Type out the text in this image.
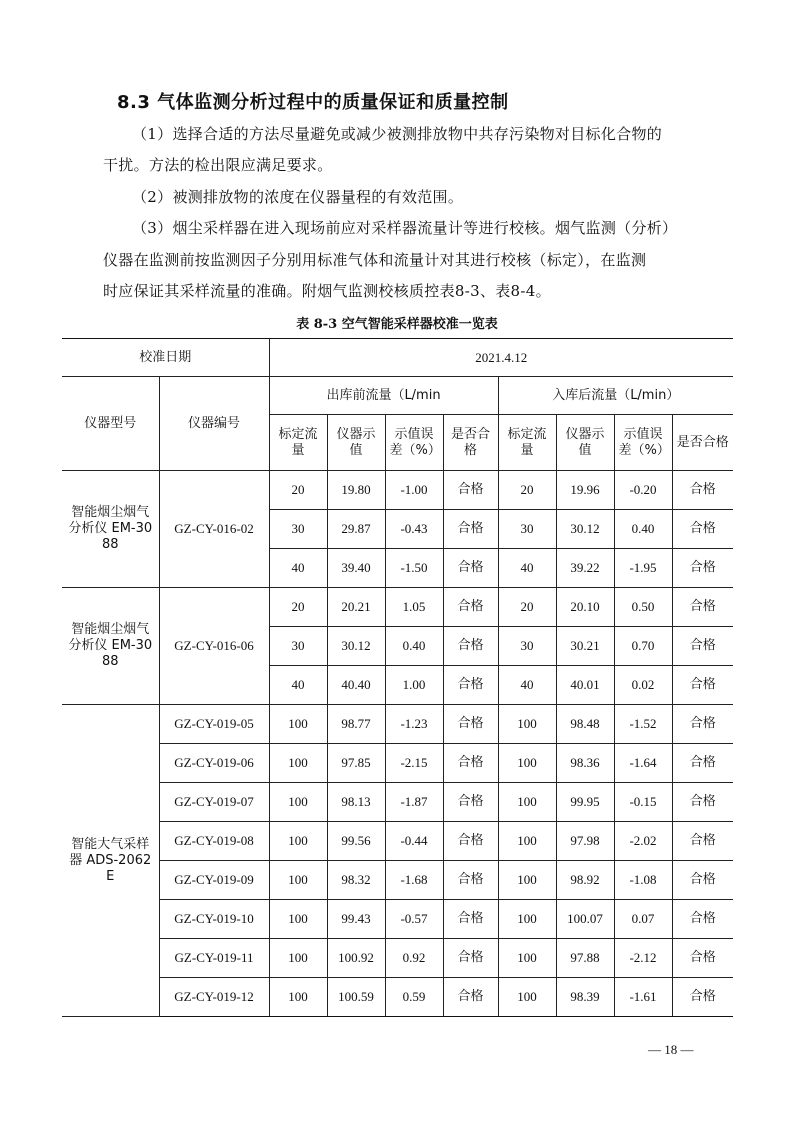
8.3 气体监测分析过程中的质量保证和质量控制
（1）选择合适的方法尽量避免或减少被测排放物中共存污染物对目标化合物的
干扰。方法的检出限应满足要求。
（2）被测排放物的浓度在仪器量程的有效范围。
（3）烟尘采样器在进入现场前应对采样器流量计等进行校核。烟气监测（分析）
仪器在监测前按监测因子分别用标准气体和流量计对其进行校核（标定），在监测
时应保证其采样流量的准确。附烟气监测校核质控表8-3、表8-4。
表 8-3 空气智能采样器校准一览表
校准日期		2021.4.12							
仪器型号	仪器编号	出库前流量（L/min				入库后流量（L/min）			
		标定流量	仪器示值	示值误差（%）	是否合格	标定流量	仪器示值	示值误差（%）	是否合格
智能烟尘烟气分析仪 EM-3088	GZ-CY-016-02	20	19.80	-1.00	合格	20	19.96	-0.20	合格
		30	29.87	-0.43	合格	30	30.12	0.40	合格
		40	39.40	-1.50	合格	40	39.22	-1.95	合格
智能烟尘烟气分析仪 EM-3088	GZ-CY-016-06	20	20.21	1.05	合格	20	20.10	0.50	合格
		30	30.12	0.40	合格	30	30.21	0.70	合格
		40	40.40	1.00	合格	40	40.01	0.02	合格
智能大气采样器 ADS-2062E	GZ-CY-019-05	100	98.77	-1.23	合格	100	98.48	-1.52	合格
	GZ-CY-019-06	100	97.85	-2.15	合格	100	98.36	-1.64	合格
	GZ-CY-019-07	100	98.13	-1.87	合格	100	99.95	-0.15	合格
	GZ-CY-019-08	100	99.56	-0.44	合格	100	97.98	-2.02	合格
	GZ-CY-019-09	100	98.32	-1.68	合格	100	98.92	-1.08	合格
	GZ-CY-019-10	100	99.43	-0.57	合格	100	100.07	0.07	合格
	GZ-CY-019-11	100	100.92	0.92	合格	100	97.88	-2.12	合格
	GZ-CY-019-12	100	100.59	0.59	合格	100	98.39	-1.61	合格
— 18 —
